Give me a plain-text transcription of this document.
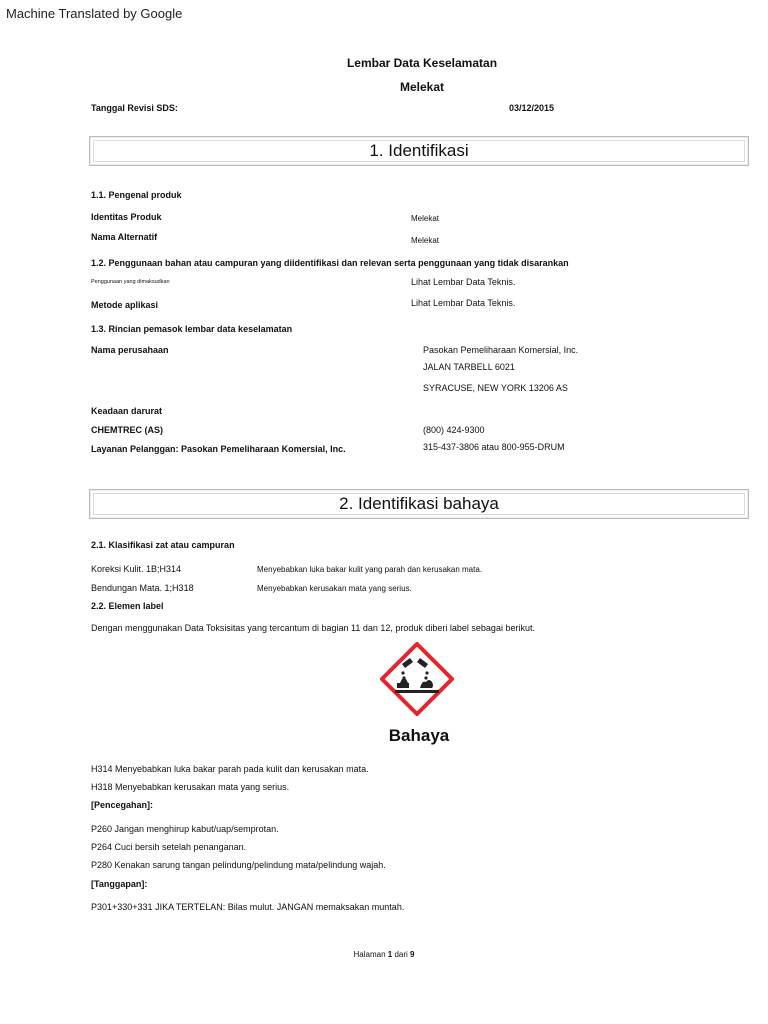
Machine Translated by Google
Lembar Data Keselamatan
Melekat
Tanggal Revisi SDS:	03/12/2015
1. Identifikasi
1.1. Pengenal produk
Identitas Produk	Melekat
Nama Alternatif	Melekat
1.2. Penggunaan bahan atau campuran yang diidentifikasi dan relevan serta penggunaan yang tidak disarankan
Penggunaan yang dimaksudkan	Lihat Lembar Data Teknis.
Metode aplikasi	Lihat Lembar Data Teknis.
1.3. Rincian pemasok lembar data keselamatan
Nama perusahaan	Pasokan Pemeliharaan Komersial, Inc.
JALAN TARBELL 6021
SYRACUSE, NEW YORK 13206 AS
Keadaan darurat
CHEMTREC (AS)	(800) 424-9300
Layanan Pelanggan: Pasokan Pemeliharaan Komersial, Inc.	315-437-3806 atau 800-955-DRUM
2. Identifikasi bahaya
2.1. Klasifikasi zat atau campuran
Koreksi Kulit. 1B;H314	Menyebabkan luka bakar kulit yang parah dan kerusakan mata.
Bendungan Mata. 1;H318	Menyebabkan kerusakan mata yang serius.
2.2. Elemen label
Dengan menggunakan Data Toksisitas yang tercantum di bagian 11 dan 12, produk diberi label sebagai berikut.
Bahaya
H314 Menyebabkan luka bakar parah pada kulit dan kerusakan mata.
H318 Menyebabkan kerusakan mata yang serius.
[Pencegahan]:
P260 Jangan menghirup kabut/uap/semprotan.
P264 Cuci bersih setelah penanganan.
P280 Kenakan sarung tangan pelindung/pelindung mata/pelindung wajah.
[Tanggapan]:
P301+330+331 JIKA TERTELAN: Bilas mulut. JANGAN memaksakan muntah.
Halaman 1 dari 9
